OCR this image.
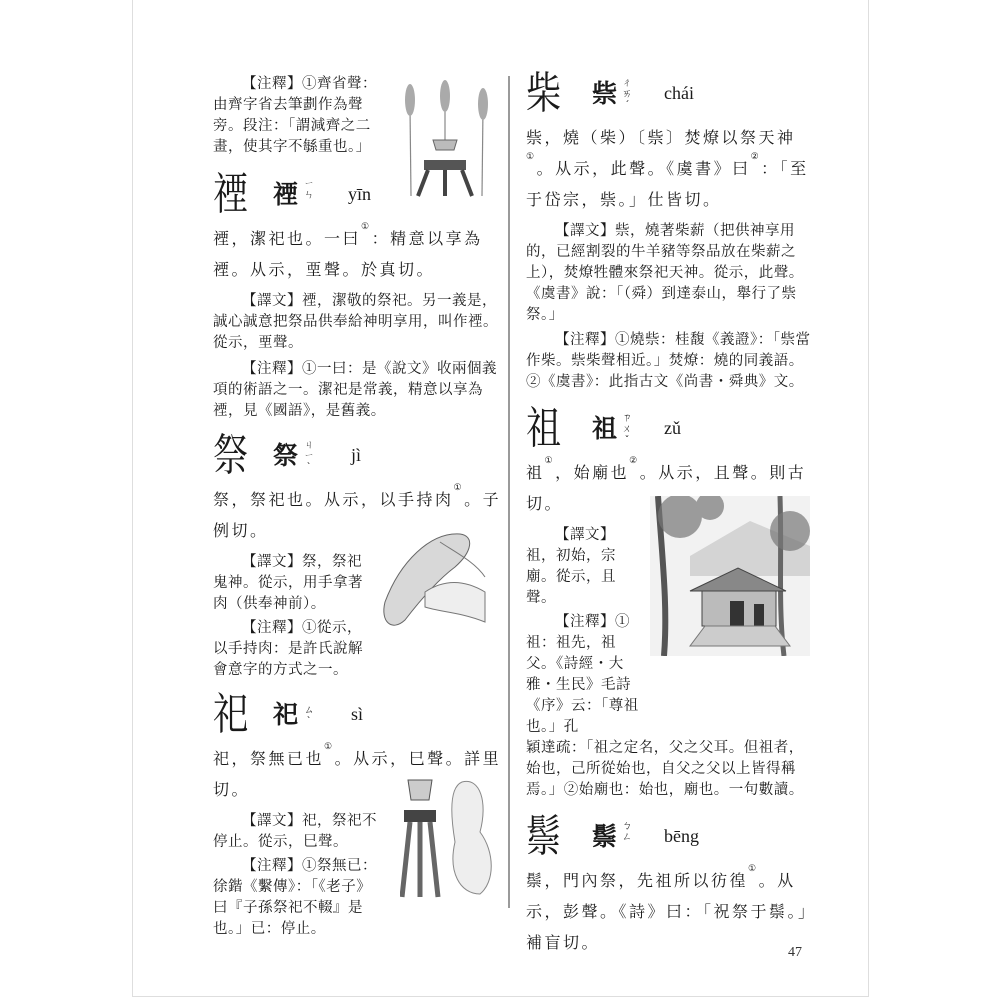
【注釋】①齊省聲：由齊字省去筆劃作為聲旁。段注：「謂減齊之二畫，使其字不緐重也。」

禋 禋 ㄧ
ㄣ yīn

禋，潔祀也。一曰①：精意以享為禋。从示，垔聲。於真切。

【譯文】禋，潔敬的祭祀。另一義是，誠心誠意把祭品供奉給神明享用，叫作禋。從示，垔聲。

【注釋】①一曰：是《說文》收兩個義項的術語之一。潔祀是常義，精意以享為禋，見《國語》，是舊義。

祭 祭 ㄐ
ㄧˋ
jì

祭，祭祀也。从示，以手持肉①。子例切。

【譯文】祭，祭祀鬼神。從示，用手拿著肉（供奉神前）。

【注釋】①從示，以手持肉：是許氏說解會意字的方式之一。

祀 祀 ㄙˋ sì

祀，祭無已也①。从示，巳聲。詳里切。

【譯文】祀，祭祀不停止。從示，巳聲。

【注釋】①祭無已：徐鍇《繫傳》：「《老子》曰『子孫祭祀不輟』是也。」已：停止。

柴 祡 ㄔ
ㄞˊ
chái

祡，燒（柴）〔祡〕焚燎以祭天神①。从示，此聲。《虞書》曰②：「至于岱宗，祡。」仕皆切。

【譯文】祡，燒著柴薪（把供神享用的，已經割裂的牛羊豬等祭品放在柴薪之上），焚燎牲體來祭祀天神。從示，此聲。《虞書》說：「（舜）到達泰山，舉行了祡祭。」

【注釋】①燒祡：桂馥《義證》：「祡當作柴。祡柴聲相近。」焚燎：燒的同義語。②《虞書》：此指古文《尚書・舜典》文。

祖 祖 ㄗ
ㄨˇ
zǔ

祖①，始廟也②。从示，且聲。則古切。

【譯文】祖，初始，宗廟。從示，且聲。

【注釋】①祖：祖先，祖父。《詩經・大雅・生民》毛詩《序》云：「尊祖也。」孔

穎達疏：「祖之定名，父之父耳。但祖者，始也，己所從始也，自父之父以上皆得稱焉。」②始廟也：始也，廟也。一句數讀。

鬃 鬃 ㄅ
ㄥ bēng

鬃，門內祭，先祖所以彷徨①。从示，彭聲。《詩》曰：「祝祭于鬃。」補盲切。

47
